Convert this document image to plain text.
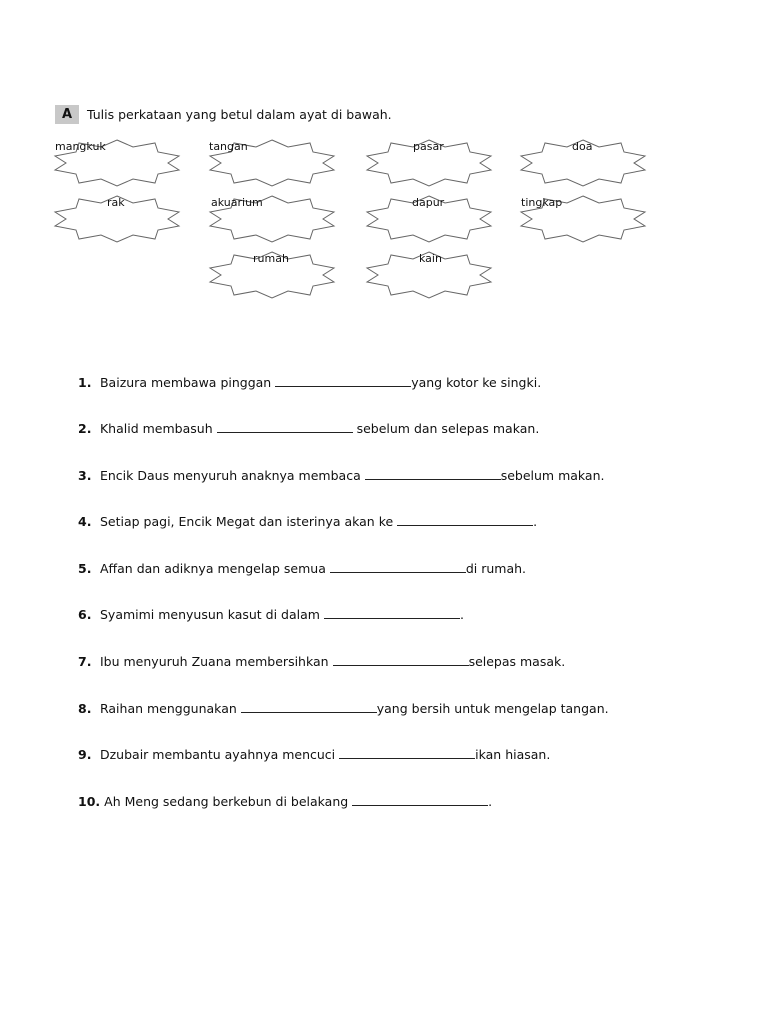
A	Tulis perkataan yang betul dalam ayat di bawah.
mangkuk	tangan	pasar	doa
rak	akuarium	dapur	tingkap
rumah	kain
1. Baizura membawa pinggan	yang kotor ke singki.
2. Khalid membasuh	sebelum dan selepas makan.
3. Encik Daus menyuruh anaknya membaca	sebelum makan.
4. Setiap pagi, Encik Megat dan isterinya akan ke	.
5. Affan dan adiknya mengelap semua	di rumah.
6. Syamimi menyusun kasut di dalam	.
7. Ibu menyuruh Zuana membersihkan	selepas masak.
8. Raihan menggunakan	yang bersih untuk mengelap tangan.
9. Dzubair membantu ayahnya mencuci	ikan hiasan.
10. Ah Meng sedang berkebun di belakang	.
